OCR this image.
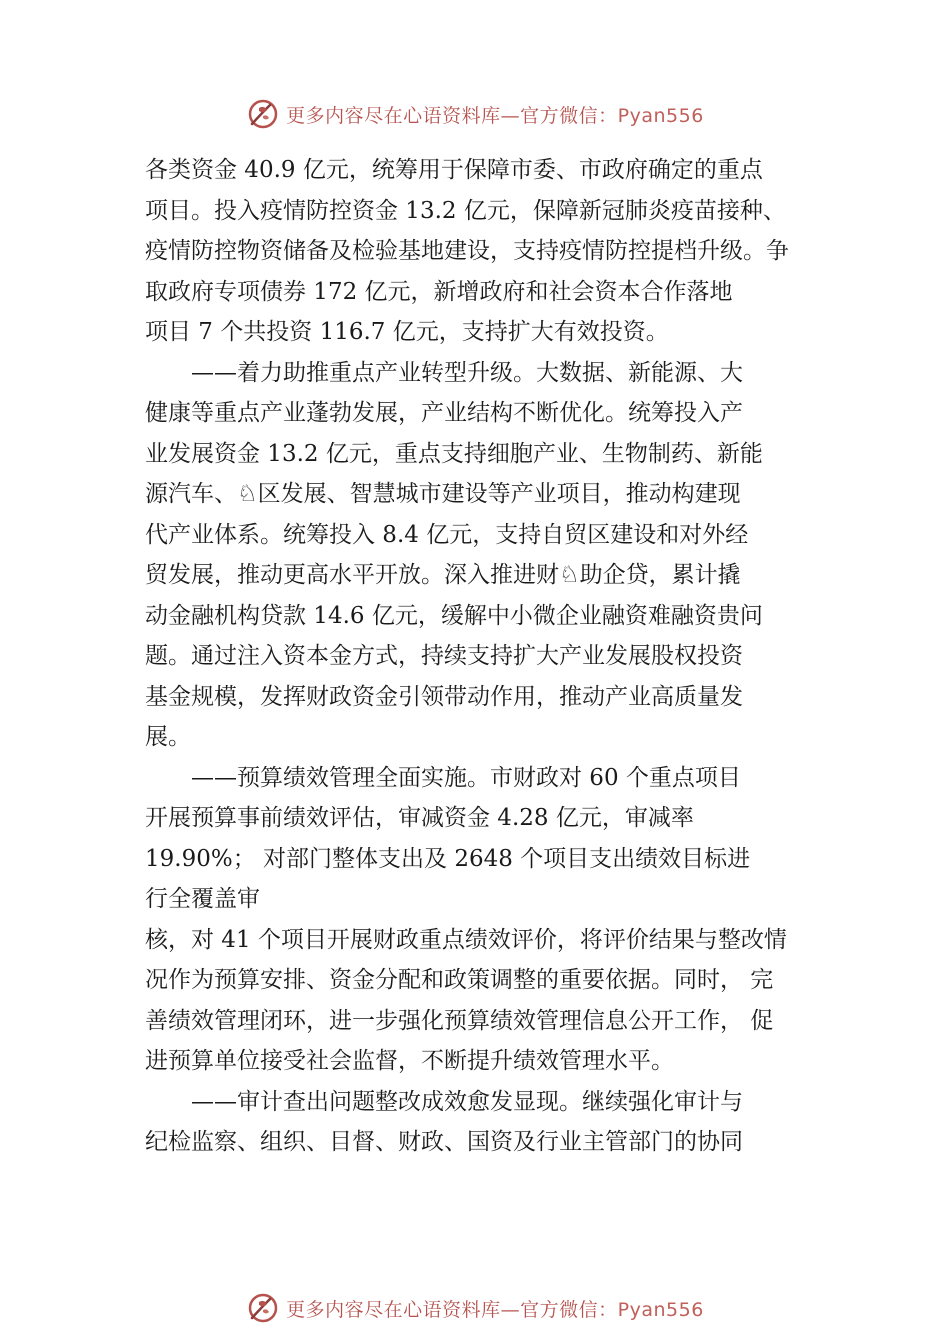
更多内容尽在心语资料库—官方微信：Pyan556
各类资金 40.9 亿元，统筹用于保障市委、市政府确定的重点
项目。投入疫情防控资金 13.2 亿元，保障新冠肺炎疫苗接种、
疫情防控物资储备及检验基地建设，支持疫情防控提档升级。争
取政府专项债券 172 亿元，新增政府和社会资本合作落地
项目 7 个共投资 116.7 亿元，支持扩大有效投资。
——着力助推重点产业转型升级。大数据、新能源、大
健康等重点产业蓬勃发展，产业结构不断优化。统筹投入产
业发展资金 13.2 亿元，重点支持细胞产业、生物制药、新能
源汽车、♘区发展、智慧城市建设等产业项目，推动构建现
代产业体系。统筹投入 8.4 亿元，支持自贸区建设和对外经
贸发展，推动更高水平开放。深入推进财♘助企贷，累计撬
动金融机构贷款 14.6 亿元，缓解中小微企业融资难融资贵问
题。通过注入资本金方式，持续支持扩大产业发展股权投资
基金规模，发挥财政资金引领带动作用，推动产业高质量发
展。
——预算绩效管理全面实施。市财政对 60 个重点项目
开展预算事前绩效评估，审减资金 4.28 亿元，审减率
19.90%； 对部门整体支出及 2648 个项目支出绩效目标进
行全覆盖审
核，对 41 个项目开展财政重点绩效评价，将评价结果与整改情
况作为预算安排、资金分配和政策调整的重要依据。同时， 完
善绩效管理闭环，进一步强化预算绩效管理信息公开工作， 促
进预算单位接受社会监督，不断提升绩效管理水平。
——审计查出问题整改成效愈发显现。继续强化审计与
纪检监察、组织、目督、财政、国资及行业主管部门的协同
更多内容尽在心语资料库—官方微信：Pyan556
